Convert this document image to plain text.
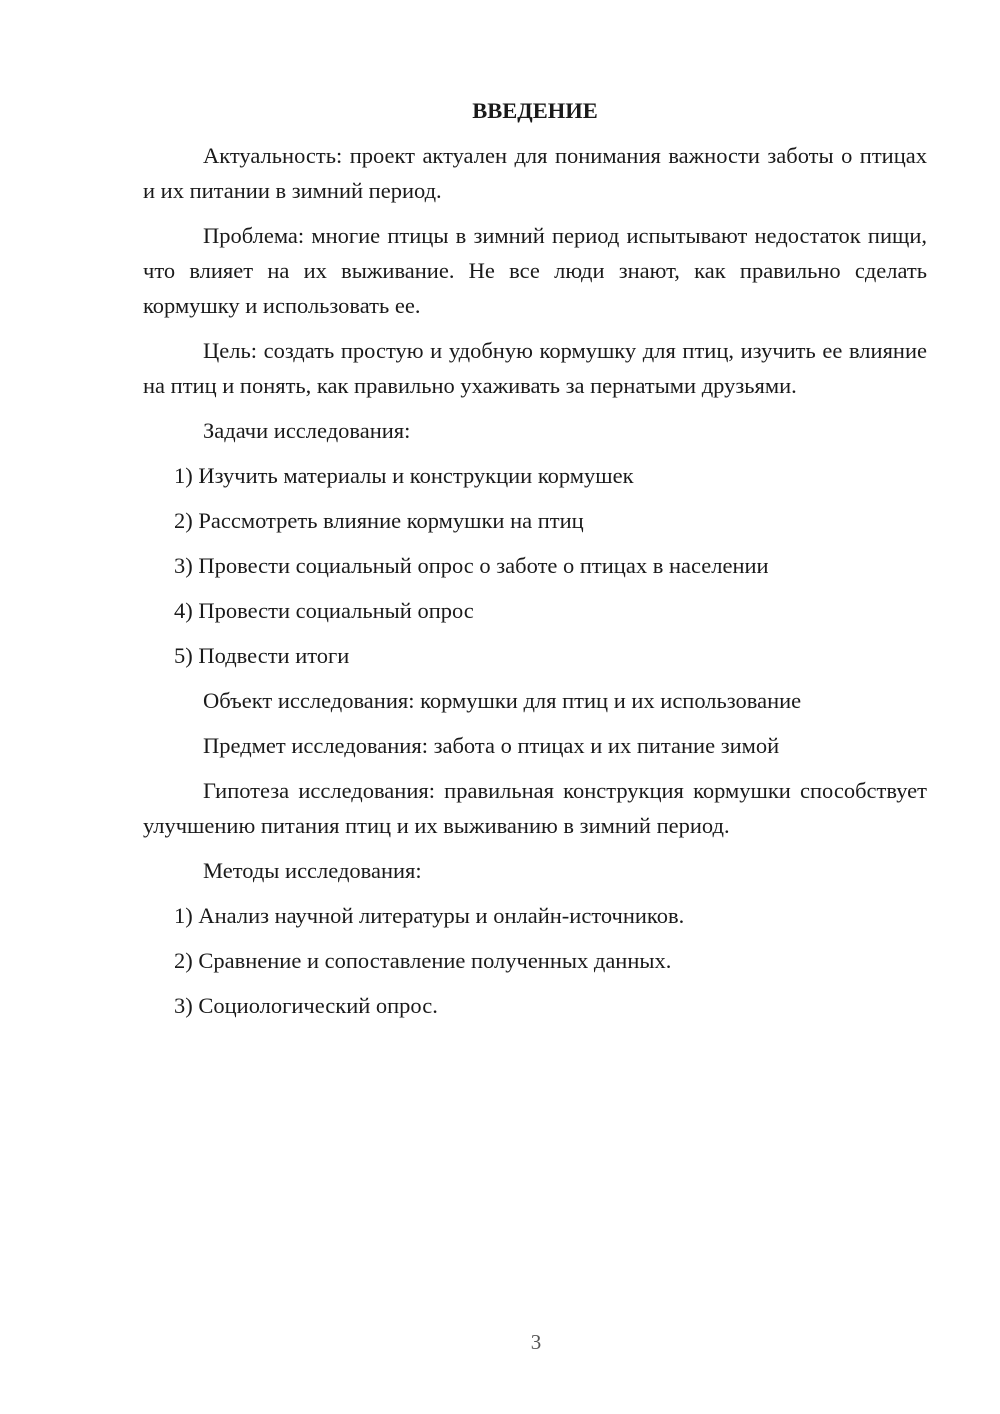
ВВЕДЕНИЕ

Актуальность: проект актуален для понимания важности заботы о птицах и их питании в зимний период.

Проблема: многие птицы в зимний период испытывают недостаток пищи, что влияет на их выживание. Не все люди знают, как правильно сделать кормушку и использовать ее.

Цель: создать простую и удобную кормушку для птиц, изучить ее влияние на птиц и понять, как правильно ухаживать за пернатыми друзьями.

Задачи исследования:

1) Изучить материалы и конструкции кормушек

2) Рассмотреть влияние кормушки на птиц

3) Провести социальный опрос о заботе о птицах в населении

4) Провести социальный опрос

5) Подвести итоги

Объект исследования: кормушки для птиц и их использование

Предмет исследования: забота о птицах и их питание зимой

Гипотеза исследования: правильная конструкция кормушки способствует улучшению питания птиц и их выживанию в зимний период.

Методы исследования:

1) Анализ научной литературы и онлайн-источников.

2) Сравнение и сопоставление полученных данных.

3) Социологический опрос.

3
